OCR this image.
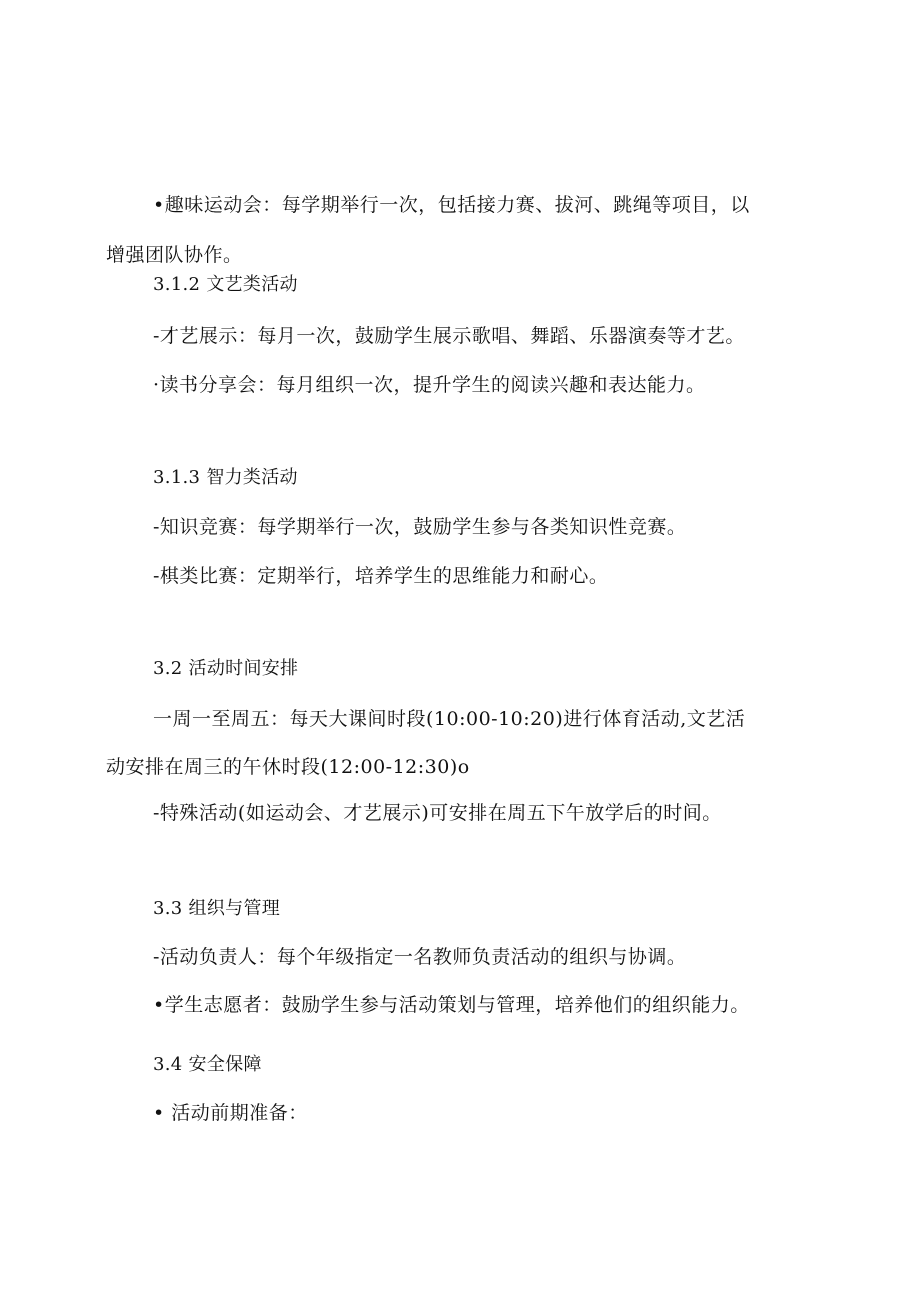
•趣味运动会：每学期举行一次，包括接力赛、拔河、跳绳等项目，以
增强团队协作。
3.1.2 文艺类活动
-才艺展示：每月一次，鼓励学生展示歌唱、舞蹈、乐器演奏等才艺。
·读书分享会：每月组织一次，提升学生的阅读兴趣和表达能力。
3.1.3 智力类活动
-知识竞赛：每学期举行一次，鼓励学生参与各类知识性竞赛。
-棋类比赛：定期举行，培养学生的思维能力和耐心。
3.2 活动时间安排
一周一至周五：每天大课间时段(10:00-10:20)进行体育活动,文艺活
动安排在周三的午休时段(12:00-12:30)o
-特殊活动(如运动会、才艺展示)可安排在周五下午放学后的时间。
3.3 组织与管理
-活动负责人：每个年级指定一名教师负责活动的组织与协调。
•学生志愿者：鼓励学生参与活动策划与管理，培养他们的组织能力。
3.4 安全保障
• 活动前期准备：
